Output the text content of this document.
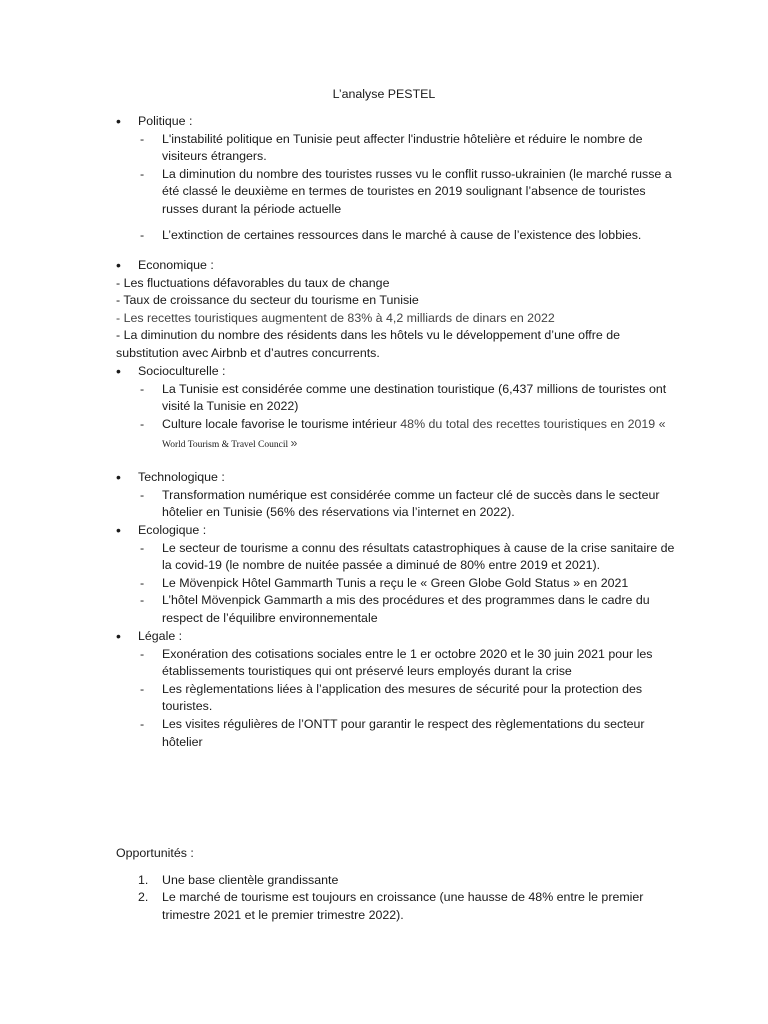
L’analyse PESTEL
• Politique :
- L'instabilité politique en Tunisie peut affecter l'industrie hôtelière et réduire le nombre de visiteurs étrangers.
- La diminution du nombre des touristes russes vu le conflit russo-ukrainien (le marché russe a été classé le deuxième en termes de touristes en 2019 soulignant l’absence de touristes russes durant la période actuelle
- L’extinction de certaines ressources dans le marché à cause de l’existence des lobbies.
• Economique :
- Les fluctuations défavorables du taux de change
- Taux de croissance du secteur du tourisme en Tunisie
- Les recettes touristiques augmentent de 83% à 4,2 milliards de dinars en 2022
- La diminution du nombre des résidents dans les hôtels vu le développement d’une offre de substitution avec Airbnb et d’autres concurrents.
• Socioculturelle :
- La Tunisie est considérée comme une destination touristique (6,437 millions de touristes ont visité la Tunisie en 2022)
- Culture locale favorise le tourisme intérieur 48% du total des recettes touristiques en 2019 « World Tourism & Travel Council »
• Technologique :
- Transformation numérique est considérée comme un facteur clé de succès dans le secteur hôtelier en Tunisie (56% des réservations via l’internet en 2022).
• Ecologique :
- Le secteur de tourisme a connu des résultats catastrophiques à cause de la crise sanitaire de la covid-19 (le nombre de nuitée passée a diminué de 80% entre 2019 et 2021).
- Le Mövenpick Hôtel Gammarth Tunis a reçu le « Green Globe Gold Status » en 2021
- L’hôtel Mövenpick Gammarth a mis des procédures et des programmes dans le cadre du respect de l’équilibre environnementale
• Légale :
- Exonération des cotisations sociales entre le 1 er octobre 2020 et le 30 juin 2021 pour les établissements touristiques qui ont préservé leurs employés durant la crise
- Les règlementations liées à l’application des mesures de sécurité pour la protection des touristes.
- Les visites régulières de l’ONTT pour garantir le respect des règlementations du secteur hôtelier
Opportunités :
1. Une base clientèle grandissante
2. Le marché de tourisme est toujours en croissance (une hausse de 48% entre le premier trimestre 2021 et le premier trimestre 2022).
